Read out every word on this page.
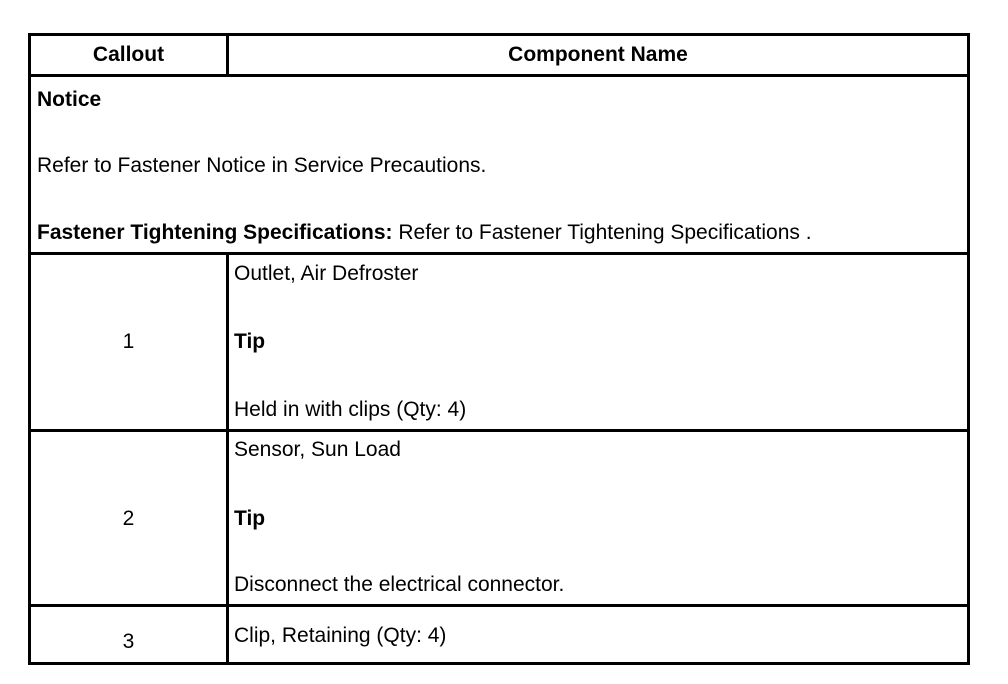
Callout	Component Name
Notice
Refer to Fastener Notice in Service Precautions.
Fastener Tightening Specifications: Refer to Fastener Tightening Specifications .
1
Outlet, Air Defroster
Tip
Held in with clips (Qty: 4)
2
Sensor, Sun Load
Tip
Disconnect the electrical connector.
3	Clip, Retaining (Qty: 4)
